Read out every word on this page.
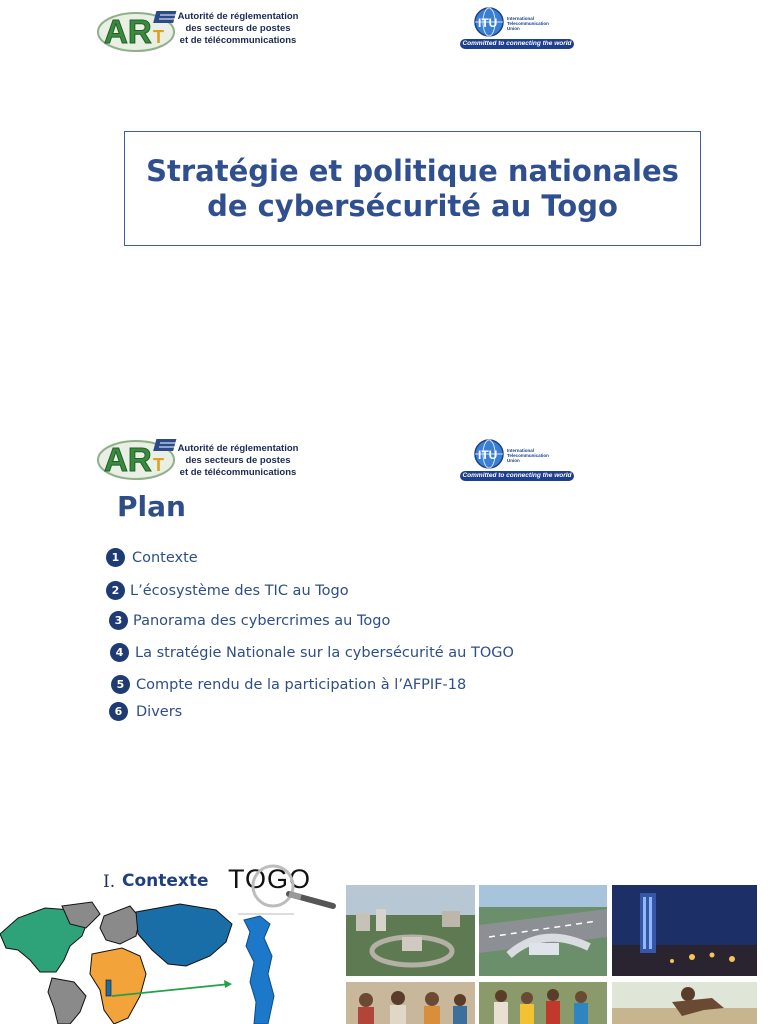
AR T
Autorité de réglementation
des secteurs de postes
et de télécommunications
ITU International
Telecommunication
Union
Committed to connecting the world
Stratégie et politique nationales de cybersécurité au Togo
AR T
Autorité de réglementation
des secteurs de postes
et de télécommunications
ITU International
Telecommunication
Union
Committed to connecting the world
Plan
1 Contexte
2 L’écosystème des TIC au Togo
3 Panorama des cybercrimes au Togo
4 La stratégie Nationale sur la cybersécurité au TOGO
5 Compte rendu de la participation à l’AFPIF-18
6 Divers
I. Contexte TOGO
